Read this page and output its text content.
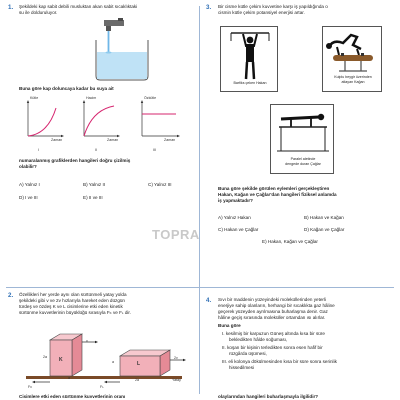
TOPRA
1. Şekildeki kap sabit debili musluktan akan sabit sıcaklıktaki
su ile dolduruluyor.
Buna göre kap doluncaya kadar bu suya ait
Kütle
Zaman
I
Hacim
Zaman
II
Özkütle
Zaman
III
numaralanmış grafiklerden hangileri doğru çizilmiş
olabilir?
A) Yalnız I	B) Yalnız II	C) Yalnız III
D) I ve III	E) II ve III
3. Bir cisme kütle çekim kuvvetine karşı iş yapıldığında o
cismin kütle çekim potansiyel enerjisi artar.
Barfiks çeken Hakan
Kulplu beygir üzerinden
atlayan Kağan
Paralel aletinde
dengede duran Çağlar
Buna göre şekilde görülen eylemleri gerçekleştiren
Hakan, Kağan ve Çağlar'dan hangileri fiziksel anlamda
iş yapmaktadır?
A) Yalnız Hakan	B) Hakan ve Kağan
C) Hakan ve Çağlar	D) Kağan ve Çağlar
E) Hakan, Kağan ve Çağlar
2. Özellikleri her yerde aynı olan sürtünmeli yatay yolda
şekildeki gibi v ve 2v hızlarıyla hareket eden düzgün
türdeş ve özdeş K ve L cisimlerine etki eden kinetik
sürtünme kuvvetlerinin büyüklüğü sırasıyla FK ve FL dir.
K
L
2a
a
a
2a
v
2v
Yatay
FK	FL
Cisimlere etki eden sürtünme kuvvetlerinin oranı
4. Sıvı bir maddenin yüzeyindeki moleküllerinden yeterli
enerjiye sahip olanların, herhangi bir sıcaklıkta gaz hâline
geçerek yüzeyden ayrılmasına buharlaşma denir. Gaz
hâline geçiş sırasında moleküller ortamdan ısı alırlar.
Buna göre
I. kesilmiş bir karpuzun Güneş altında kısa bir süre
bekledikten hâlde soğuması,
II. koşan bir kişinin terledikten sonra esen hafif bir
rüzgârda üşümesi,
III. eli kolonya dökülmesinden kısa bir süre sonra serinlik
hissedilmesi
olaylarından hangileri buharlaşmayla ilgilidir?
